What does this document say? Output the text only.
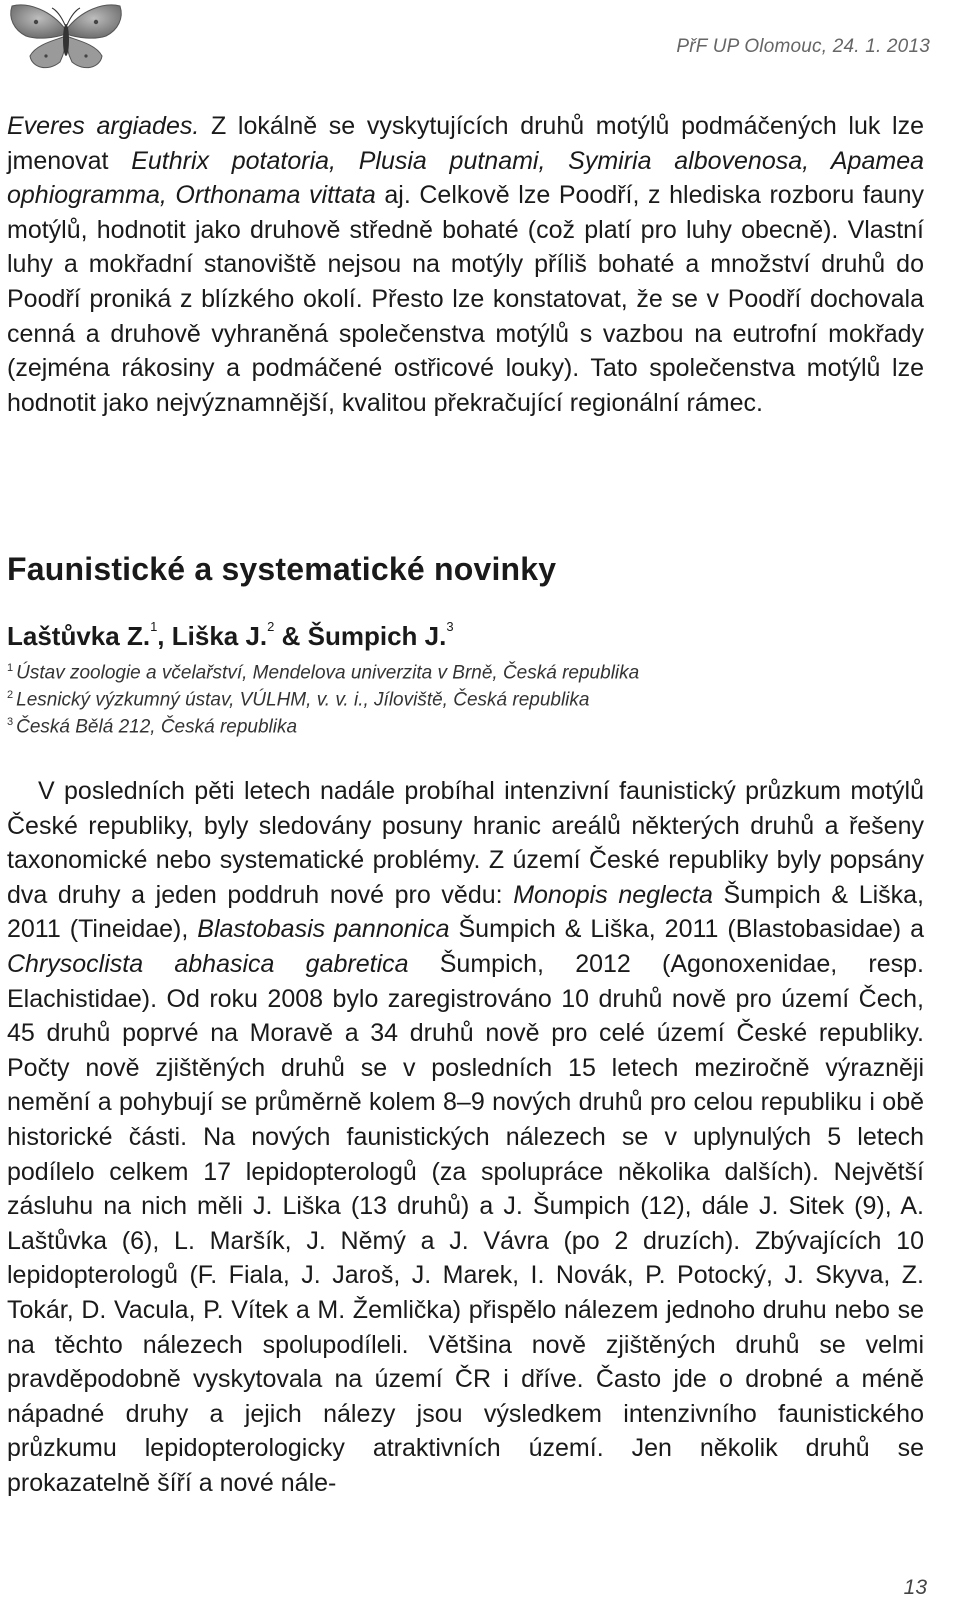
PřF UP Olomouc, 24. 1. 2013

Everes argiades. Z lokálně se vyskytujících druhů motýlů podmáčených luk lze jmenovat Euthrix potatoria, Plusia putnami, Symiria albovenosa, Apamea ophiogramma, Orthonama vittata aj. Celkově lze Poodří, z hlediska rozboru fauny motýlů, hodnotit jako druhově středně bohaté (což platí pro luhy obecně). Vlastní luhy a mokřadní stanoviště nejsou na motýly příliš bohaté a množství druhů do Poodří proniká z blízkého okolí. Přesto lze konstatovat, že se v Poodří dochovala cenná a druhově vyhraněná společenstva motýlů s vazbou na eutrofní mokřady (zejména rákosiny a podmáčené ostřicové louky). Tato společenstva motýlů lze hodnotit jako nejvýznamnější, kvalitou překračující regionální rámec.

Faunistické a systematické novinky

Laštůvka Z.$^1$, Liška J.$^2$ & Šumpich J.$^3$

$^1$ Ústav zoologie a včelařství, Mendelova univerzita v Brně, Česká republika

$^2$ Lesnický výzkumný ústav, VÚLHM, v. v. i., Jíloviště, Česká republika

$^3$ Česká Bělá 212, Česká republika

V posledních pěti letech nadále probíhal intenzivní faunistický průzkum motýlů České republiky, byly sledovány posuny hranic areálů některých druhů a řešeny taxonomické nebo systematické problémy. Z území České republiky byly popsány dva druhy a jeden poddruh nové pro vědu: Monopis neglecta Šumpich & Liška, 2011 (Tineidae), Blastobasis pannonica Šumpich & Liška, 2011 (Blastobasidae) a Chrysoclista abhasica gabretica Šumpich, 2012 (Agonoxenidae, resp. Elachistidae). Od roku 2008 bylo zaregistrováno 10 druhů nově pro území Čech, 45 druhů poprvé na Moravě a 34 druhů nově pro celé území České republiky. Počty nově zjištěných druhů se v posledních 15 letech meziročně výrazněji nemění a pohybují se průměrně kolem 8–9 nových druhů pro celou republiku i obě historické části. Na nových faunistických nálezech se v uplynulých 5 letech podílelo celkem 17 lepidopterologů (za spolupráce několika dalších). Největší zásluhu na nich měli J. Liška (13 druhů) a J. Šumpich (12), dále J. Sitek (9), A. Laštůvka (6), L. Maršík, J. Němý a J. Vávra (po 2 druzích). Zbývajících 10 lepidopterologů (F. Fiala, J. Jaroš, J. Marek, I. Novák, P. Potocký, J. Skyva, Z. Tokár, D. Vacula, P. Vítek a M. Žemlička) přispělo nálezem jednoho druhu nebo se na těchto nálezech spolupodíleli. Většina nově zjištěných druhů se velmi pravděpodobně vyskytovala na území ČR i dříve. Často jde o drobné a méně nápadné druhy a jejich nálezy jsou výsledkem intenzivního faunistického průzkumu lepidopterologicky atraktivních území. Jen několik druhů se prokazatelně šíří a nové nále-

13
